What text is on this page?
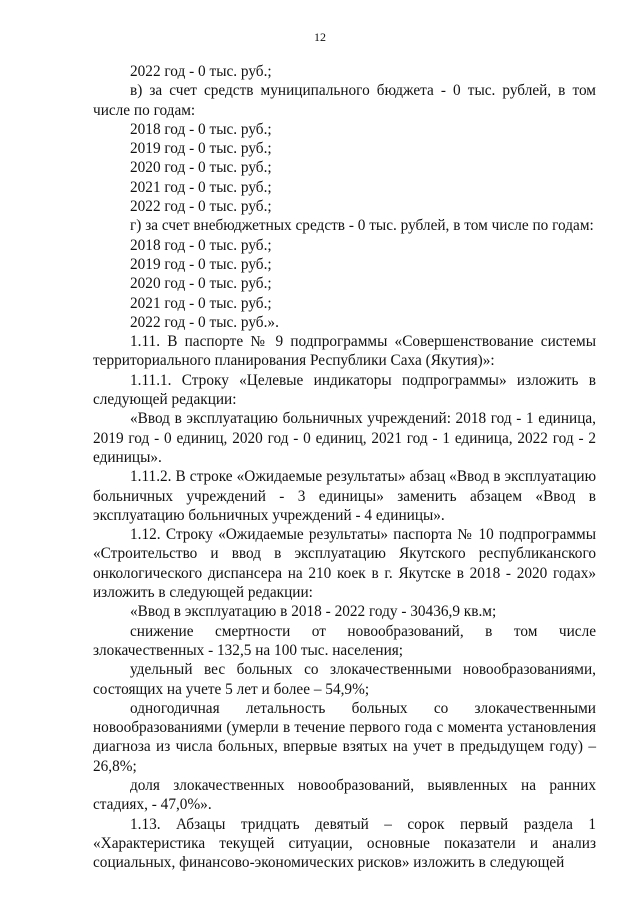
12

2022 год - 0 тыс. руб.;

в) за счет средств муниципального бюджета - 0 тыс. рублей, в том числе по годам:

2018 год - 0 тыс. руб.;

2019 год - 0 тыс. руб.;

2020 год - 0 тыс. руб.;

2021 год - 0 тыс. руб.;

2022 год - 0 тыс. руб.;

г) за счет внебюджетных средств - 0 тыс. рублей, в том числе по годам:

2018 год - 0 тыс. руб.;

2019 год - 0 тыс. руб.;

2020 год - 0 тыс. руб.;

2021 год - 0 тыс. руб.;

2022 год - 0 тыс. руб.».

1.11. В паспорте № 9 подпрограммы «Совершенствование системы территориального планирования Республики Саха (Якутия)»:

1.11.1. Строку «Целевые индикаторы подпрограммы» изложить в следующей редакции:

«Ввод в эксплуатацию больничных учреждений: 2018 год - 1 единица, 2019 год - 0 единиц, 2020 год - 0 единиц, 2021 год - 1 единица, 2022 год - 2 единицы».

1.11.2. В строке «Ожидаемые результаты» абзац «Ввод в эксплуатацию больничных учреждений - 3 единицы» заменить абзацем «Ввод в эксплуатацию больничных учреждений - 4 единицы».

1.12. Строку «Ожидаемые результаты» паспорта № 10 подпрограммы «Строительство и ввод в эксплуатацию Якутского республиканского онкологического диспансера на 210 коек в г. Якутске в 2018 - 2020 годах» изложить в следующей редакции:

«Ввод в эксплуатацию в 2018 - 2022 году - 30436,9 кв.м;

снижение смертности от новообразований, в том числе злокачественных - 132,5 на 100 тыс. населения;

удельный вес больных со злокачественными новообразованиями, состоящих на учете 5 лет и более – 54,9%;

одногодичная летальность больных со злокачественными новообразованиями (умерли в течение первого года с момента установления диагноза из числа больных, впервые взятых на учет в предыдущем году) – 26,8%;

доля злокачественных новообразований, выявленных на ранних стадиях, - 47,0%».

1.13. Абзацы тридцать девятый – сорок первый раздела 1 «Характеристика текущей ситуации, основные показатели и анализ социальных, финансово-экономических рисков» изложить в следующей
